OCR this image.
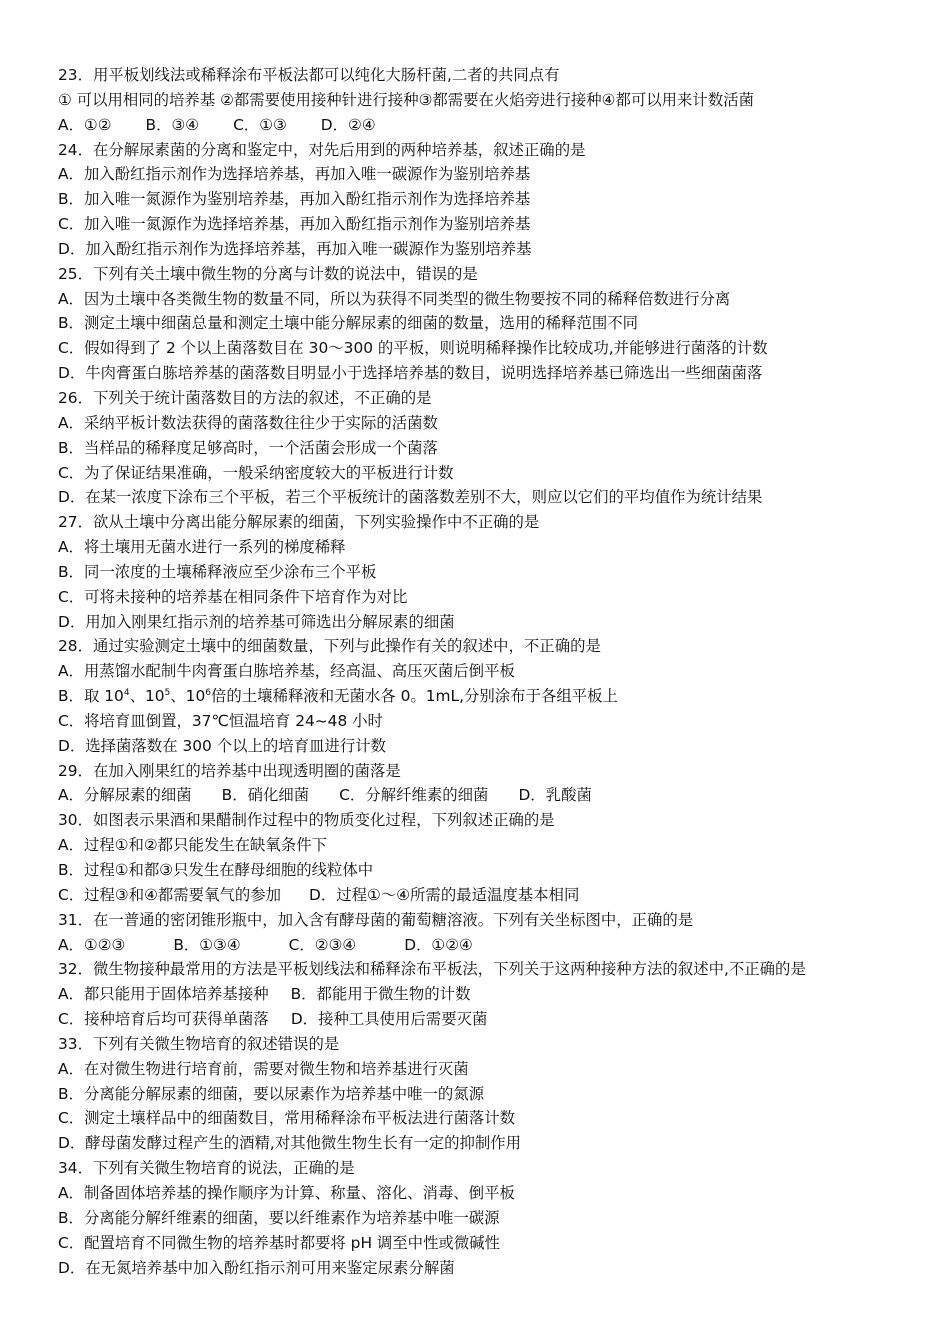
23．用平板划线法或稀释涂布平板法都可以纯化大肠杆菌,二者的共同点有
① 可以用相同的培养基 ②都需要使用接种针进行接种③都需要在火焰旁进行接种④都可以用来计数活菌
A．①② B．③④ C．①③ D．②④
24．在分解尿素菌的分离和鉴定中，对先后用到的两种培养基，叙述正确的是
A．加入酚红指示剂作为选择培养基，再加入唯一碳源作为鉴别培养基
B．加入唯一氮源作为鉴别培养基，再加入酚红指示剂作为选择培养基
C．加入唯一氮源作为选择培养基，再加入酚红指示剂作为鉴别培养基
D．加入酚红指示剂作为选择培养基，再加入唯一碳源作为鉴别培养基
25．下列有关土壤中微生物的分离与计数的说法中，错误的是
A．因为土壤中各类微生物的数量不同，所以为获得不同类型的微生物要按不同的稀释倍数进行分离
B．测定土壤中细菌总量和测定土壤中能分解尿素的细菌的数量，选用的稀释范围不同
C．假如得到了 2 个以上菌落数目在 30～300 的平板，则说明稀释操作比较成功,并能够进行菌落的计数
D．牛肉膏蛋白胨培养基的菌落数目明显小于选择培养基的数目，说明选择培养基已筛选出一些细菌菌落
26．下列关于统计菌落数目的方法的叙述，不正确的是
A．采纳平板计数法获得的菌落数往往少于实际的活菌数
B．当样品的稀释度足够高时，一个活菌会形成一个菌落
C．为了保证结果准确，一般采纳密度较大的平板进行计数
D．在某一浓度下涂布三个平板，若三个平板统计的菌落数差别不大，则应以它们的平均值作为统计结果
27．欲从土壤中分离出能分解尿素的细菌，下列实验操作中不正确的是
A．将土壤用无菌水进行一系列的梯度稀释
B．同一浓度的土壤稀释液应至少涂布三个平板
C．可将未接种的培养基在相同条件下培育作为对比
D．用加入刚果红指示剂的培养基可筛选出分解尿素的细菌
28．通过实验测定土壤中的细菌数量，下列与此操作有关的叙述中，不正确的是
A．用蒸馏水配制牛肉膏蛋白胨培养基，经高温、高压灭菌后倒平板
B．取 $10^4$、$10^5$、$10^6$倍的土壤稀释液和无菌水各 0。1mL,分别涂布于各组平板上
C．将培育皿倒置，37℃恒温培育 24~48 小时
D．选择菌落数在 300 个以上的培育皿进行计数
29．在加入刚果红的培养基中出现透明圈的菌落是
A．分解尿素的细菌 B．硝化细菌 C．分解纤维素的细菌 D．乳酸菌
30．如图表示果酒和果醋制作过程中的物质变化过程，下列叙述正确的是
A．过程①和②都只能发生在缺氧条件下
B．过程①和都③只发生在酵母细胞的线粒体中
C．过程③和④都需要氧气的参加 D．过程①～④所需的最适温度基本相同
31．在一普通的密闭锥形瓶中，加入含有酵母菌的葡萄糖溶液。下列有关坐标图中，正确的是
A．①②③	B．①③④	C．②③④	D．①②④
32．微生物接种最常用的方法是平板划线法和稀释涂布平板法，下列关于这两种接种方法的叙述中,不正确的是
A．都只能用于固体培养基接种 B．都能用于微生物的计数
C．接种培育后均可获得单菌落 D．接种工具使用后需要灭菌
33．下列有关微生物培育的叙述错误的是
A．在对微生物进行培育前，需要对微生物和培养基进行灭菌
B．分离能分解尿素的细菌，要以尿素作为培养基中唯一的氮源
C．测定土壤样品中的细菌数目，常用稀释涂布平板法进行菌落计数
D．酵母菌发酵过程产生的酒精,对其他微生物生长有一定的抑制作用
34．下列有关微生物培育的说法，正确的是
A．制备固体培养基的操作顺序为计算、称量、溶化、消毒、倒平板
B．分离能分解纤维素的细菌，要以纤维素作为培养基中唯一碳源
C．配置培育不同微生物的培养基时都要将 pH 调至中性或微碱性
D．在无氮培养基中加入酚红指示剂可用来鉴定尿素分解菌
